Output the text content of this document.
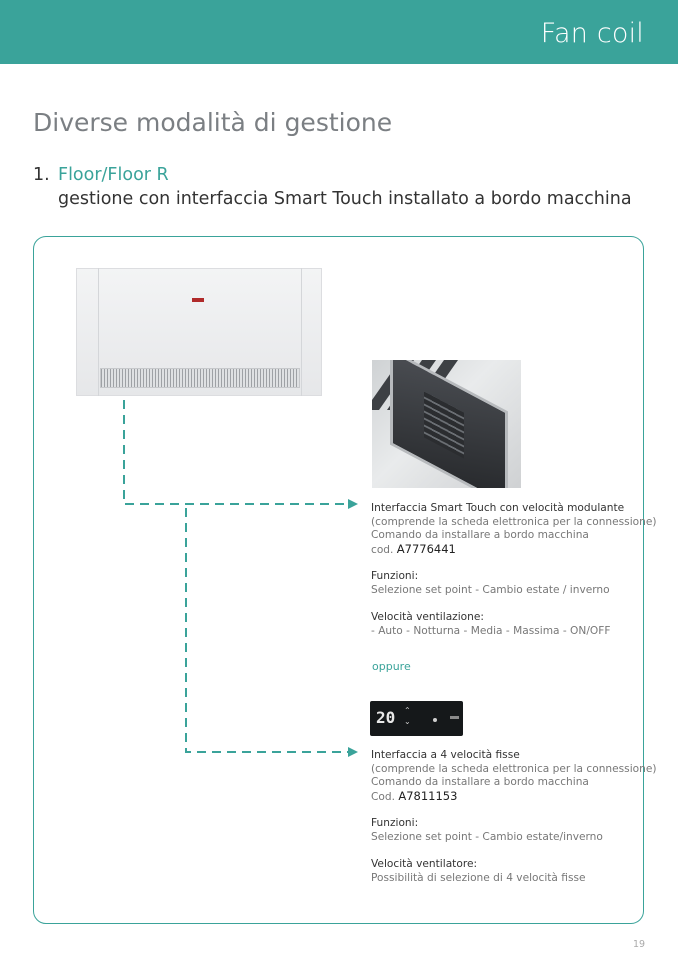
Fan coil
Diverse modalità di gestione
1. Floor/Floor R
gestione con interfaccia Smart Touch installato a bordo macchina
Interfaccia Smart Touch con velocità modulante
(comprende la scheda elettronica per la connessione)
Comando da installare a bordo macchina
cod. A7776441
Funzioni:
Selezione set point - Cambio estate / inverno
Velocità ventilazione:
- Auto - Notturna - Media - Massima - ON/OFF
oppure
20 ⌃
⌄
Interfaccia a 4 velocità fisse
(comprende la scheda elettronica per la connessione)
Comando da installare a bordo macchina
Cod. A7811153
Funzioni:
Selezione set point - Cambio estate/inverno
Velocità ventilatore:
Possibilità di selezione di 4 velocità fisse
19
